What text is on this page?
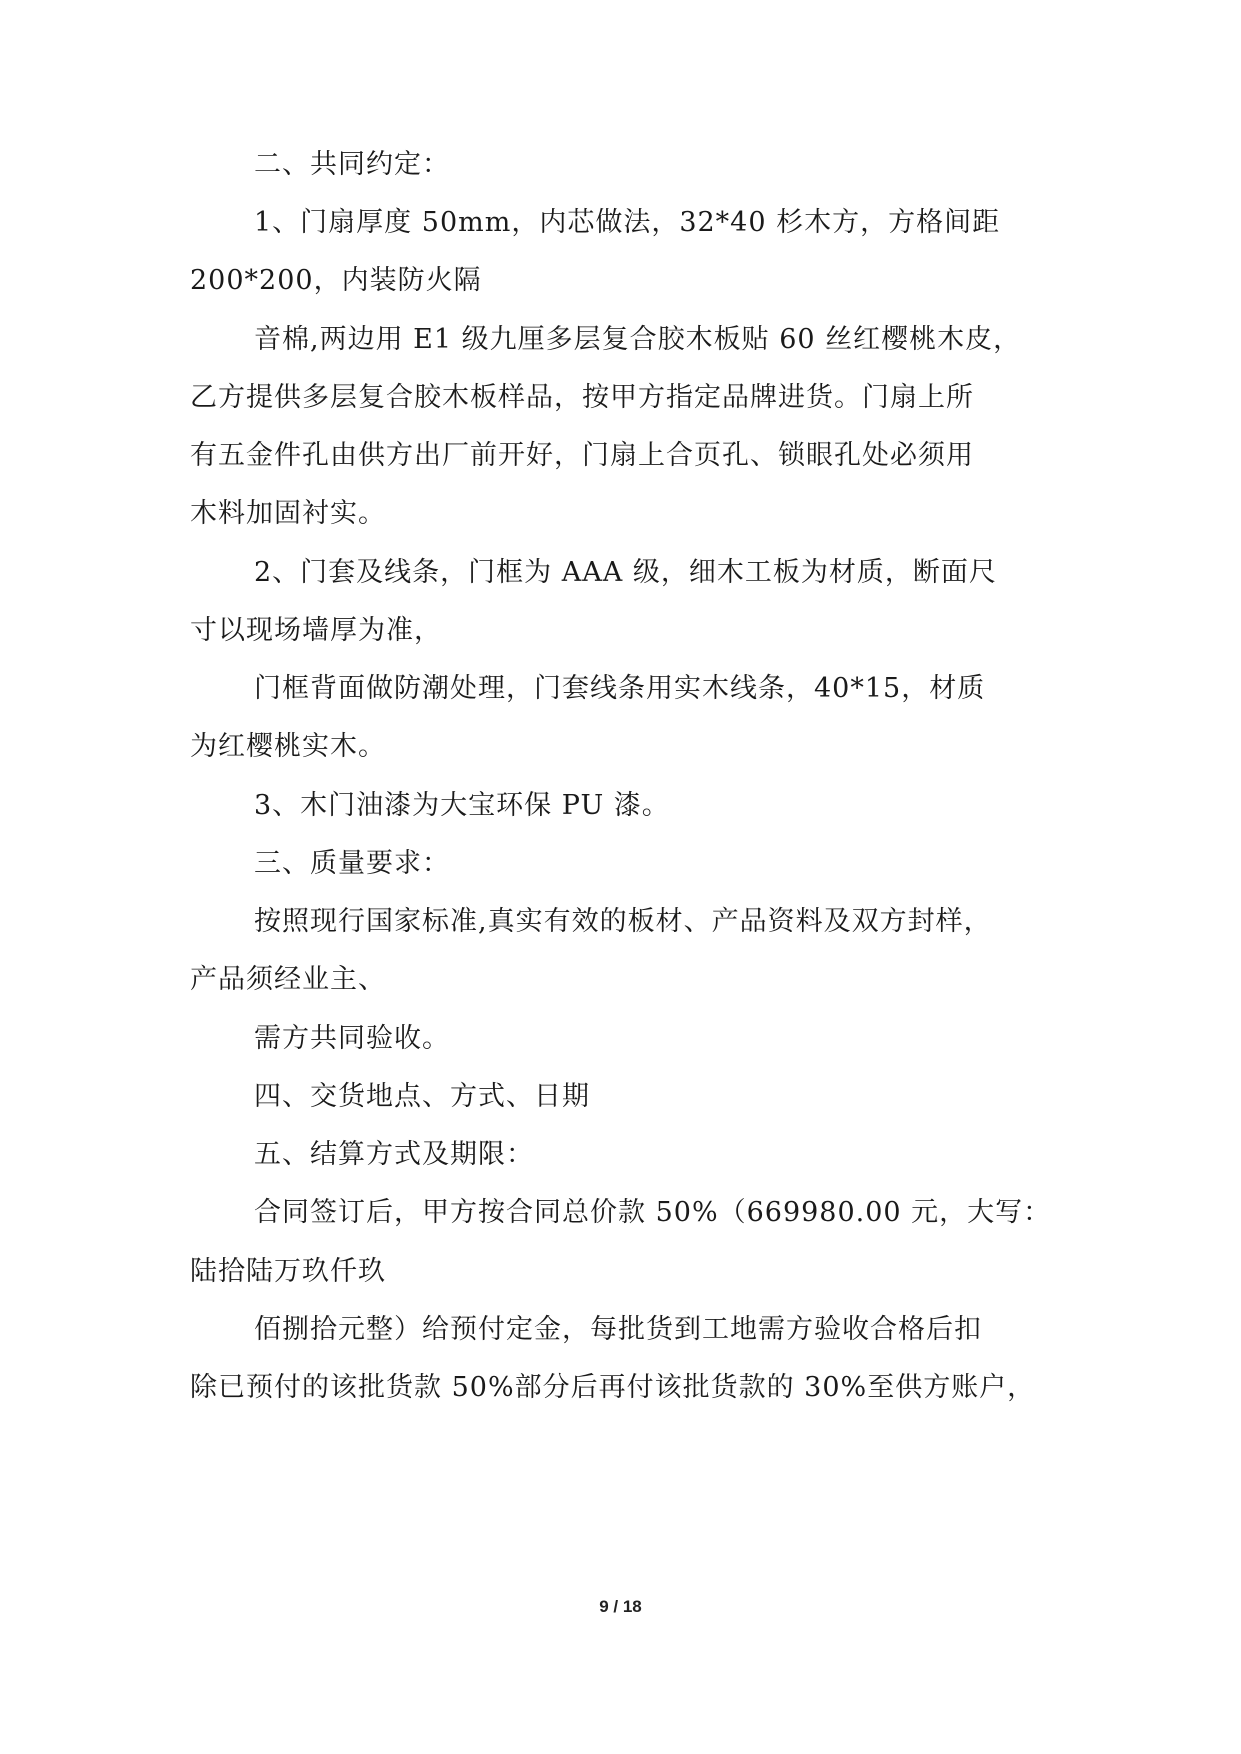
二、共同约定：
1、门扇厚度 50mm，内芯做法，32*40 杉木方，方格间距
200*200，内装防火隔
音棉,两边用 E1 级九厘多层复合胶木板贴 60 丝红樱桃木皮，
乙方提供多层复合胶木板样品，按甲方指定品牌进货。门扇上所
有五金件孔由供方出厂前开好，门扇上合页孔、锁眼孔处必须用
木料加固衬实。
2、门套及线条，门框为 AAA 级，细木工板为材质，断面尺
寸以现场墙厚为准，
门框背面做防潮处理，门套线条用实木线条，40*15，材质
为红樱桃实木。
3、木门油漆为大宝环保 PU 漆。
三、质量要求：
按照现行国家标准,真实有效的板材、产品资料及双方封样，
产品须经业主、
需方共同验收。
四、交货地点、方式、日期
五、结算方式及期限：
合同签订后，甲方按合同总价款 50%（669980.00 元，大写：
陆拾陆万玖仟玖
佰捌拾元整）给预付定金，每批货到工地需方验收合格后扣
除已预付的该批货款 50%部分后再付该批货款的 30%至供方账户，
9 / 18
